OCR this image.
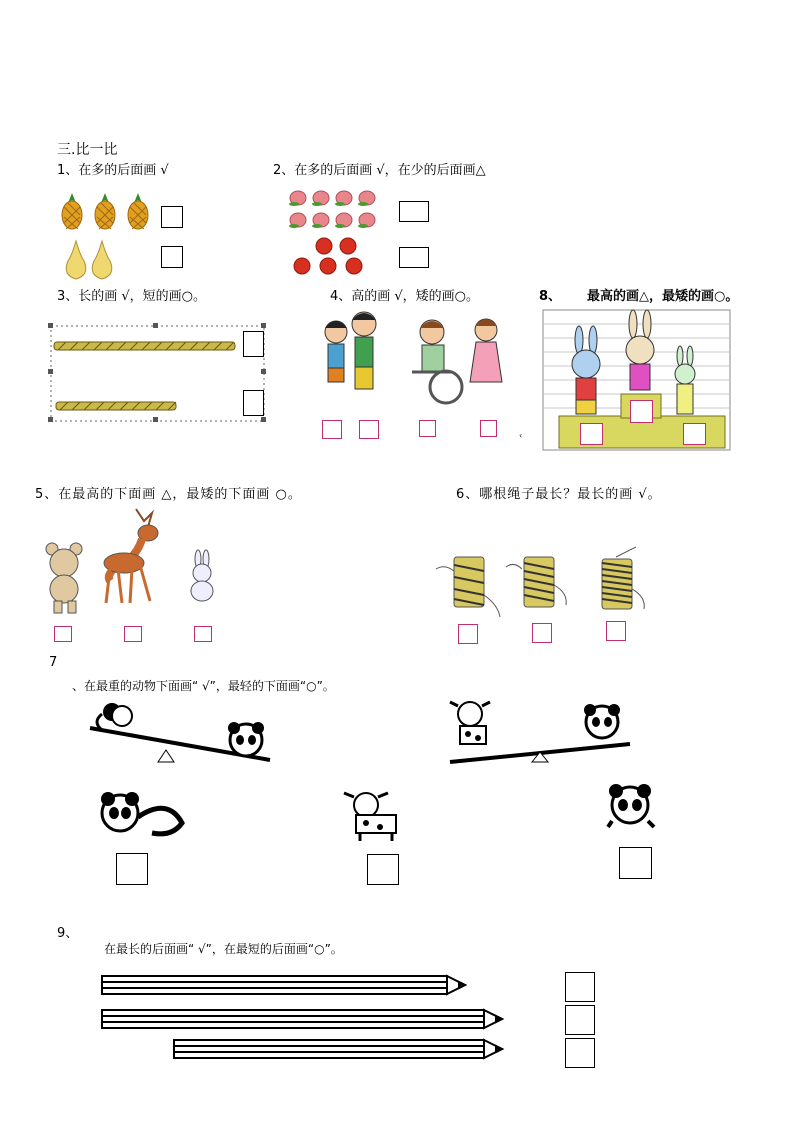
三.比一比
1、在多的后面画 √	2、在多的后面画 √，在少的后面画△
3、长的画 √，短的画○。	4、高的画 √，矮的画○。	8、 最高的画△，最矮的画○。
‹
5、在最高的下面画 △，最矮的下面画 ○。	6、哪根绳子最长？最长的画 √。
7
、在最重的动物下面画“ √”，最轻的下面画“○”。
9、
在最长的后面画“ √”，在最短的后面画“○”。
